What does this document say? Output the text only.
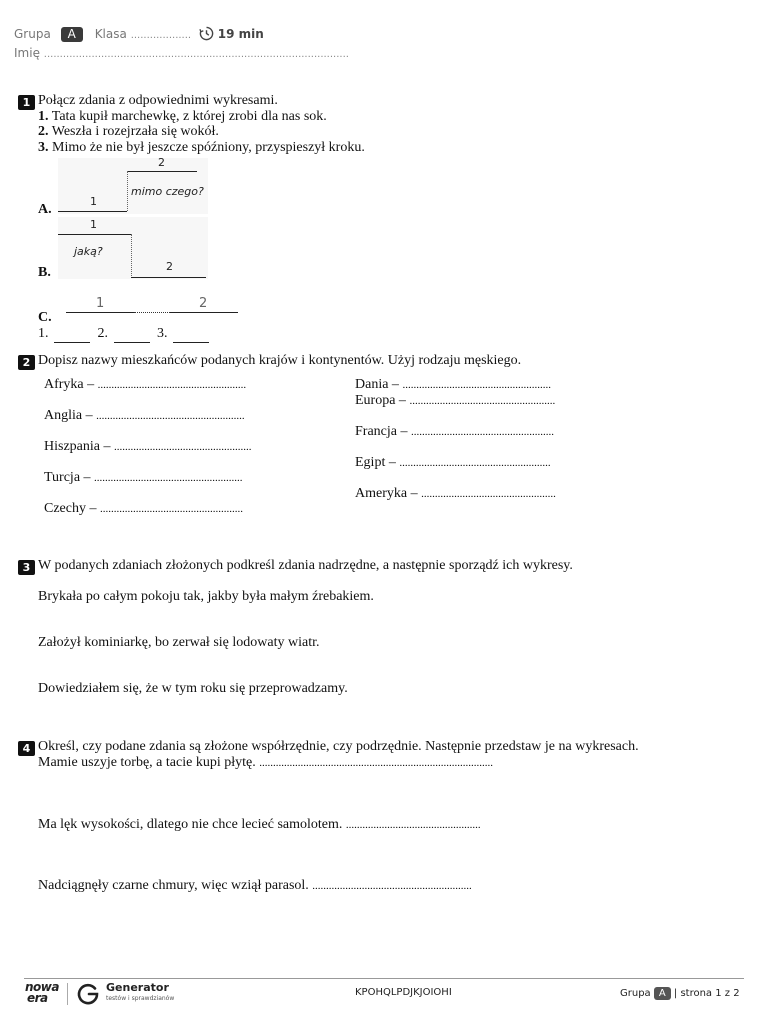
Grupa A Klasa ................... 19 min
Imię ................................................................................................
1 Połącz zdania z odpowiednimi wykresami.
1. Tata kupił marchewkę, z której zrobi dla nas sok.
2. Weszła i rozejrzała się wokół.
3. Mimo że nie był jeszcze spóźniony, przyspieszył kroku.
A.
2
mimo czego?
1
1
jaką?
B.	2
1	2
C.
1.	2.	3.
2 Dopisz nazwy mieszkańców podanych krajów i kontynentów. Użyj rodzaju męskiego.
Afryka – ......................................................
Anglia – ......................................................
Hiszpania – ..................................................
Turcja – ......................................................
Czechy – ....................................................
Dania – ......................................................
Europa – .....................................................
Francja – ....................................................
Egipt – .......................................................
Ameryka – .................................................
3 W podanych zdaniach złożonych podkreśl zdania nadrzędne, a następnie sporządź ich wykresy.
Brykała po całym pokoju tak, jakby była małym źrebakiem.
Założył kominiarkę, bo zerwał się lodowaty wiatr.
Dowiedziałem się, że w tym roku się przeprowadzamy.
4 Określ, czy podane zdania są złożone współrzędnie, czy podrzędnie. Następnie przedstaw je na wykresach.
Mamie uszyje torbę, a tacie kupi płytę. .....................................................................................
Ma lęk wysokości, dlatego nie chce lecieć samolotem. .................................................
Nadciągnęły czarne chmury, więc wziął parasol. ..........................................................
nowa
era

Generator
testów i sprawdzianów
KPOHQLPDJKJOIOHI	Grupa A | strona 1 z 2
